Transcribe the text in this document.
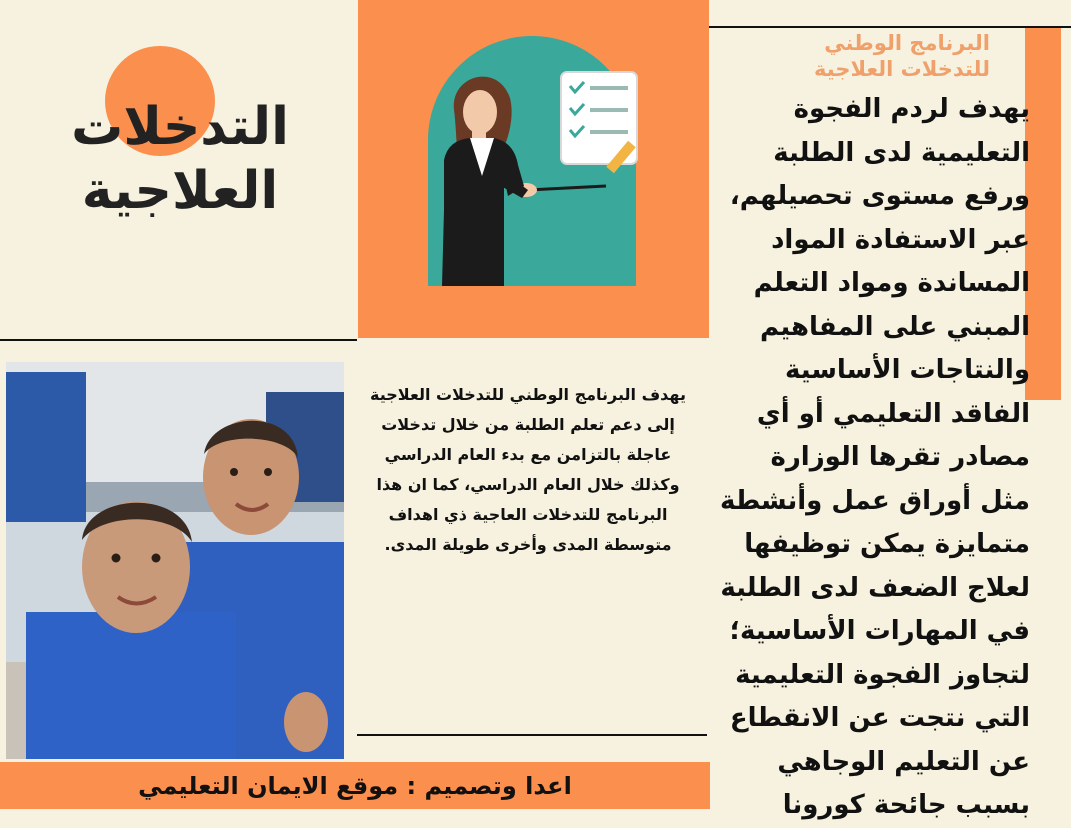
التدخلات
العلاجية
البرنامج الوطني
للتدخلات العلاجية
يهدف لردم الفجوة التعليمية لدى الطلبة ورفع مستوى تحصيلهم، عبر الاستفادة المواد المساندة ومواد التعلم المبني على المفاهيم والنتاجات الأساسية الفاقد التعليمي أو أي مصادر تقرها الوزارة مثل أوراق عمل وأنشطة متمايزة يمكن توظيفها لعلاج الضعف لدى الطلبة في المهارات الأساسية؛ لتجاوز الفجوة التعليمية التي نتجت عن الانقطاع عن التعليم الوجاهي بسبب جائحة كورونا
يهدف البرنامج الوطني للتدخلات العلاجية إلى دعم تعلم الطلبة من خلال تدخلات عاجلة بالتزامن مع بدء العام الدراسي وكذلك خلال العام الدراسي، كما ان هذا البرنامج للتدخلات العاجية ذي اهداف متوسطة المدى وأخرى طويلة المدى.
اعدا وتصميم : موقع الايمان التعليمي
